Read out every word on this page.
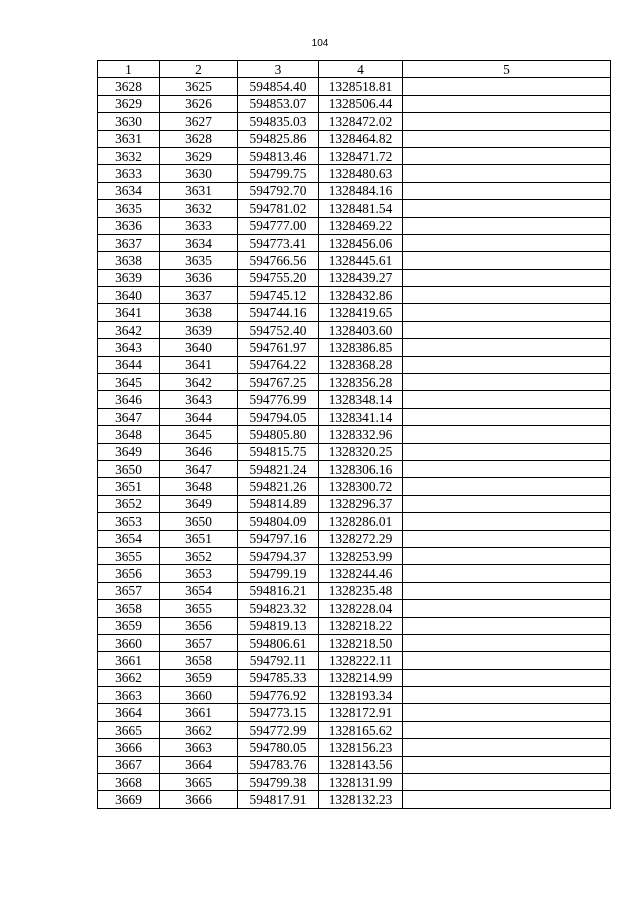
104
1	2	3	4	5
3628	3625	594854.40	1328518.81	
3629	3626	594853.07	1328506.44	
3630	3627	594835.03	1328472.02	
3631	3628	594825.86	1328464.82	
3632	3629	594813.46	1328471.72	
3633	3630	594799.75	1328480.63	
3634	3631	594792.70	1328484.16	
3635	3632	594781.02	1328481.54	
3636	3633	594777.00	1328469.22	
3637	3634	594773.41	1328456.06	
3638	3635	594766.56	1328445.61	
3639	3636	594755.20	1328439.27	
3640	3637	594745.12	1328432.86	
3641	3638	594744.16	1328419.65	
3642	3639	594752.40	1328403.60	
3643	3640	594761.97	1328386.85	
3644	3641	594764.22	1328368.28	
3645	3642	594767.25	1328356.28	
3646	3643	594776.99	1328348.14	
3647	3644	594794.05	1328341.14	
3648	3645	594805.80	1328332.96	
3649	3646	594815.75	1328320.25	
3650	3647	594821.24	1328306.16	
3651	3648	594821.26	1328300.72	
3652	3649	594814.89	1328296.37	
3653	3650	594804.09	1328286.01	
3654	3651	594797.16	1328272.29	
3655	3652	594794.37	1328253.99	
3656	3653	594799.19	1328244.46	
3657	3654	594816.21	1328235.48	
3658	3655	594823.32	1328228.04	
3659	3656	594819.13	1328218.22	
3660	3657	594806.61	1328218.50	
3661	3658	594792.11	1328222.11	
3662	3659	594785.33	1328214.99	
3663	3660	594776.92	1328193.34	
3664	3661	594773.15	1328172.91	
3665	3662	594772.99	1328165.62	
3666	3663	594780.05	1328156.23	
3667	3664	594783.76	1328143.56	
3668	3665	594799.38	1328131.99	
3669	3666	594817.91	1328132.23	
